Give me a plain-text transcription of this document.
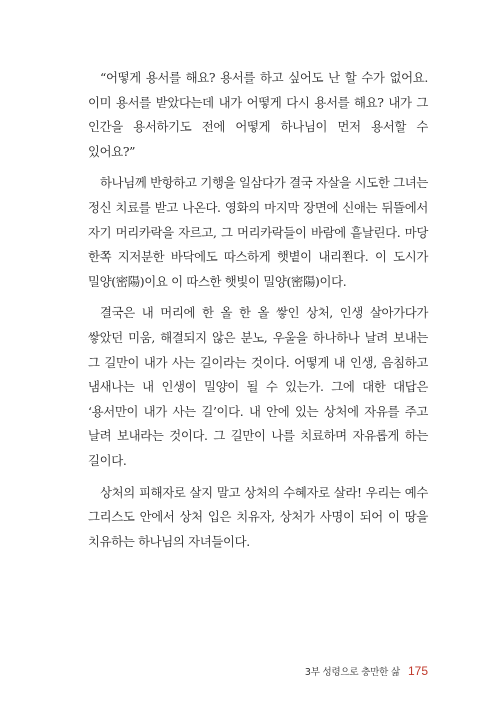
“어떻게 용서를 해요? 용서를 하고 싶어도 난 할 수가 없어요. 이미 용서를 받았다는데 내가 어떻게 다시 용서를 해요? 내가 그 인간을 용서하기도 전에 어떻게 하나님이 먼저 용서할 수 있어요?”

하나님께 반항하고 기행을 일삼다가 결국 자살을 시도한 그녀는 정신 치료를 받고 나온다. 영화의 마지막 장면에 신애는 뒤뜰에서 자기 머리카락을 자르고, 그 머리카락들이 바람에 흩날린다. 마당 한쪽 지저분한 바닥에도 따스하게 햇볕이 내리쬔다. 이 도시가 밀양(密陽)이요 이 따스한 햇빛이 밀양(密陽)이다.

결국은 내 머리에 한 올 한 올 쌓인 상처, 인생 살아가다가 쌓았던 미움, 해결되지 않은 분노, 우울을 하나하나 날려 보내는 그 길만이 내가 사는 길이라는 것이다. 어떻게 내 인생, 음침하고 냄새나는 내 인생이 밀양이 될 수 있는가. 그에 대한 대답은 ‘용서만이 내가 사는 길’이다. 내 안에 있는 상처에 자유를 주고 날려 보내라는 것이다. 그 길만이 나를 치료하며 자유롭게 하는 길이다.

상처의 피해자로 살지 말고 상처의 수혜자로 살라! 우리는 예수 그리스도 안에서 상처 입은 치유자, 상처가 사명이 되어 이 땅을 치유하는 하나님의 자녀들이다.

3부 성령으로 충만한 삶 175
